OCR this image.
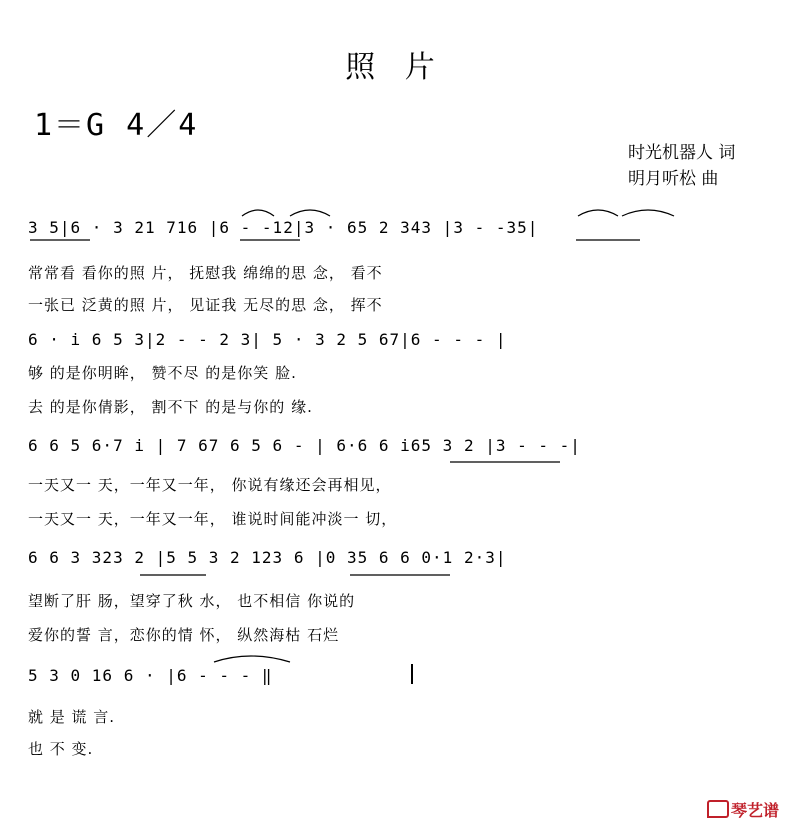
照 片
1＝G 4／4
时光机器人 词
明月听松 曲
3 5|6 · 3 21 716 |6 - -12|3 · 65 2 343 |3 - -35|
常常看 看你的照 片， 抚慰我 绵绵的思 念， 看不
一张已 泛黄的照 片， 见证我 无尽的思 念， 挥不
6 · i 6 5 3|2 - - 2 3| 5 · 3 2 5 67|6 - - - |
够 的是你明眸， 赞不尽 的是你笑 脸.
去 的是你倩影， 割不下 的是与你的 缘.
6 6 5 6·7 i | 7 67 6 5 6 - | 6·6 6 i65 3 2 |3 - - -|
一天又一 天，一年又一年， 你说有缘还会再相见，
一天又一 天，一年又一年， 谁说时间能冲淡一 切，
6 6 3 323 2 |5 5 3 2 123 6 |0 35 6 6 0·1 2·3|
望断了肝 肠，望穿了秋 水， 也不相信 你说的
爱你的誓 言，恋你的情 怀， 纵然海枯 石烂
5 3 0 16 6 · |6 - - - ‖
就 是 谎 言.
也 不 变.
琴艺谱
